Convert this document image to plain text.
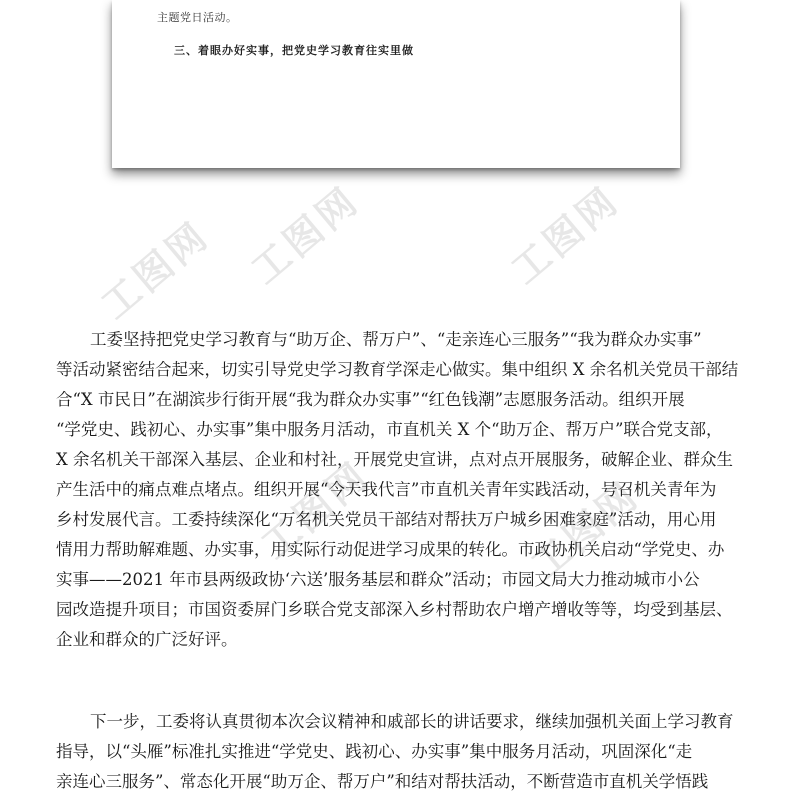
主题党日活动。
三、着眼办好实事，把党史学习教育往实里做
工图网 工图网	工图网
工图网	工图网
工委坚持把党史学习教育与“助万企、帮万户”、“走亲连心三服务”“我为群众办实事”
等活动紧密结合起来，切实引导党史学习教育学深走心做实。集中组织 X 余名机关党员干部结
合“X 市民日”在湖滨步行街开展“我为群众办实事”“红色钱潮”志愿服务活动。组织开展
“学党史、践初心、办实事”集中服务月活动，市直机关 X 个“助万企、帮万户”联合党支部，
X 余名机关干部深入基层、企业和村社，开展党史宣讲，点对点开展服务，破解企业、群众生
产生活中的痛点难点堵点。组织开展“今天我代言”市直机关青年实践活动，号召机关青年为
乡村发展代言。工委持续深化“万名机关党员干部结对帮扶万户城乡困难家庭”活动，用心用
情用力帮助解难题、办实事，用实际行动促进学习成果的转化。市政协机关启动“学党史、办
实事——2021 年市县两级政协‘六送’服务基层和群众”活动；市园文局大力推动城市小公
园改造提升项目；市国资委屏门乡联合党支部深入乡村帮助农户增产增收等等，均受到基层、
企业和群众的广泛好评。
下一步，工委将认真贯彻本次会议精神和戚部长的讲话要求，继续加强机关面上学习教育
指导，以“头雁”标准扎实推进“学党史、践初心、办实事”集中服务月活动，巩固深化“走
亲连心三服务”、常态化开展“助万企、帮万户”和结对帮扶活动，不断营造市直机关学悟践
